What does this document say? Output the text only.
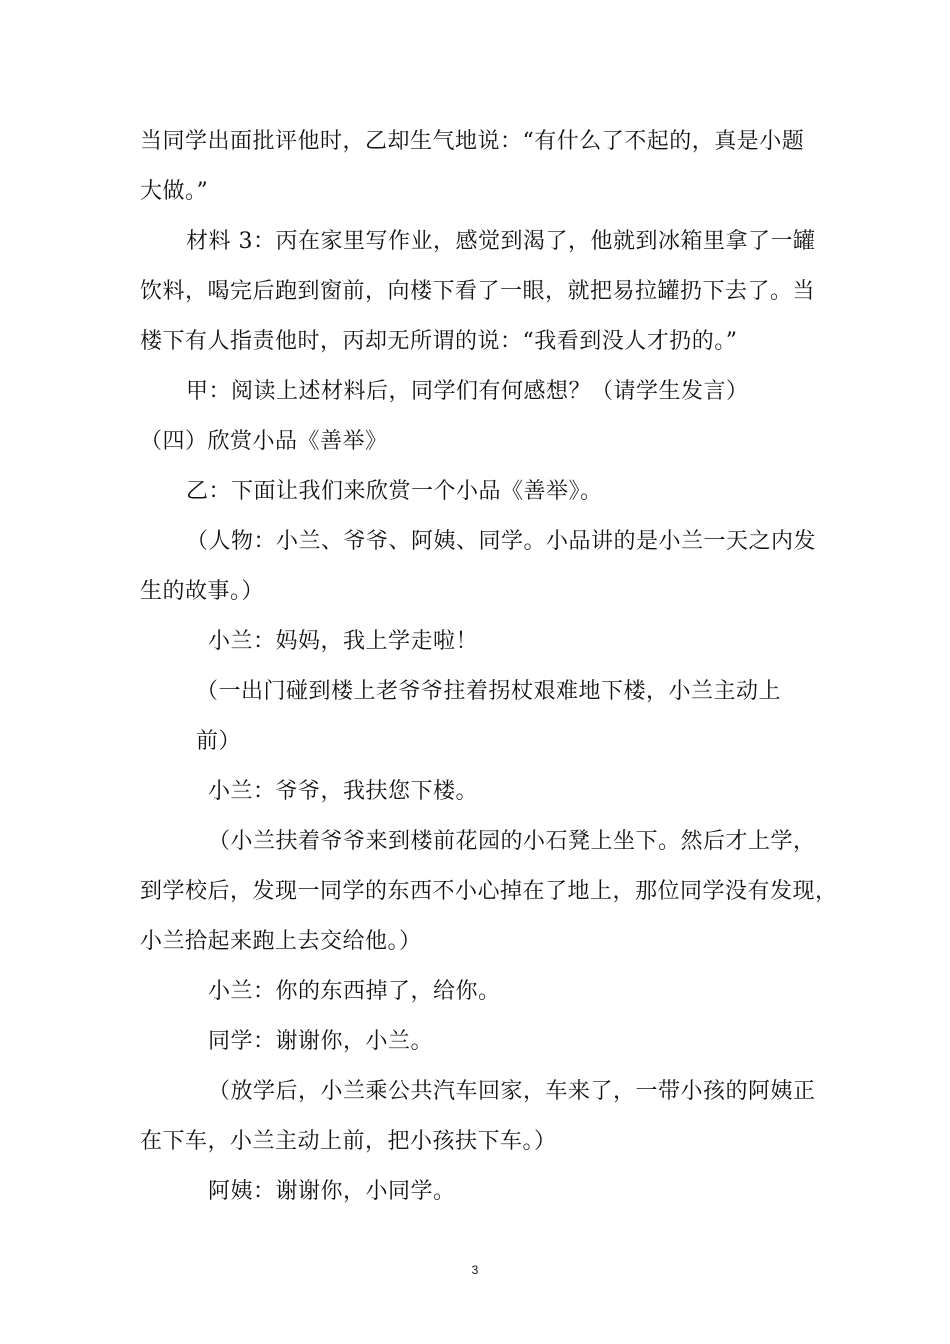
当同学出面批评他时，乙却生气地说：“有什么了不起的，真是小题
大做。”
材料 3：丙在家里写作业，感觉到渴了，他就到冰箱里拿了一罐
饮料，喝完后跑到窗前，向楼下看了一眼，就把易拉罐扔下去了。当
楼下有人指责他时，丙却无所谓的说：“我看到没人才扔的。”
甲：阅读上述材料后，同学们有何感想？（请学生发言）
（四）欣赏小品《善举》
乙：下面让我们来欣赏一个小品《善举》。
（人物：小兰、爷爷、阿姨、同学。小品讲的是小兰一天之内发
生的故事。）
小兰：妈妈，我上学走啦！
（一出门碰到楼上老爷爷拄着拐杖艰难地下楼，小兰主动上
前）
小兰：爷爷，我扶您下楼。
（小兰扶着爷爷来到楼前花园的小石凳上坐下。然后才上学，
到学校后，发现一同学的东西不小心掉在了地上，那位同学没有发现，
小兰拾起来跑上去交给他。）
小兰：你的东西掉了，给你。
同学：谢谢你，小兰。
（放学后，小兰乘公共汽车回家，车来了，一带小孩的阿姨正
在下车，小兰主动上前，把小孩扶下车。）
阿姨：谢谢你，小同学。
3
